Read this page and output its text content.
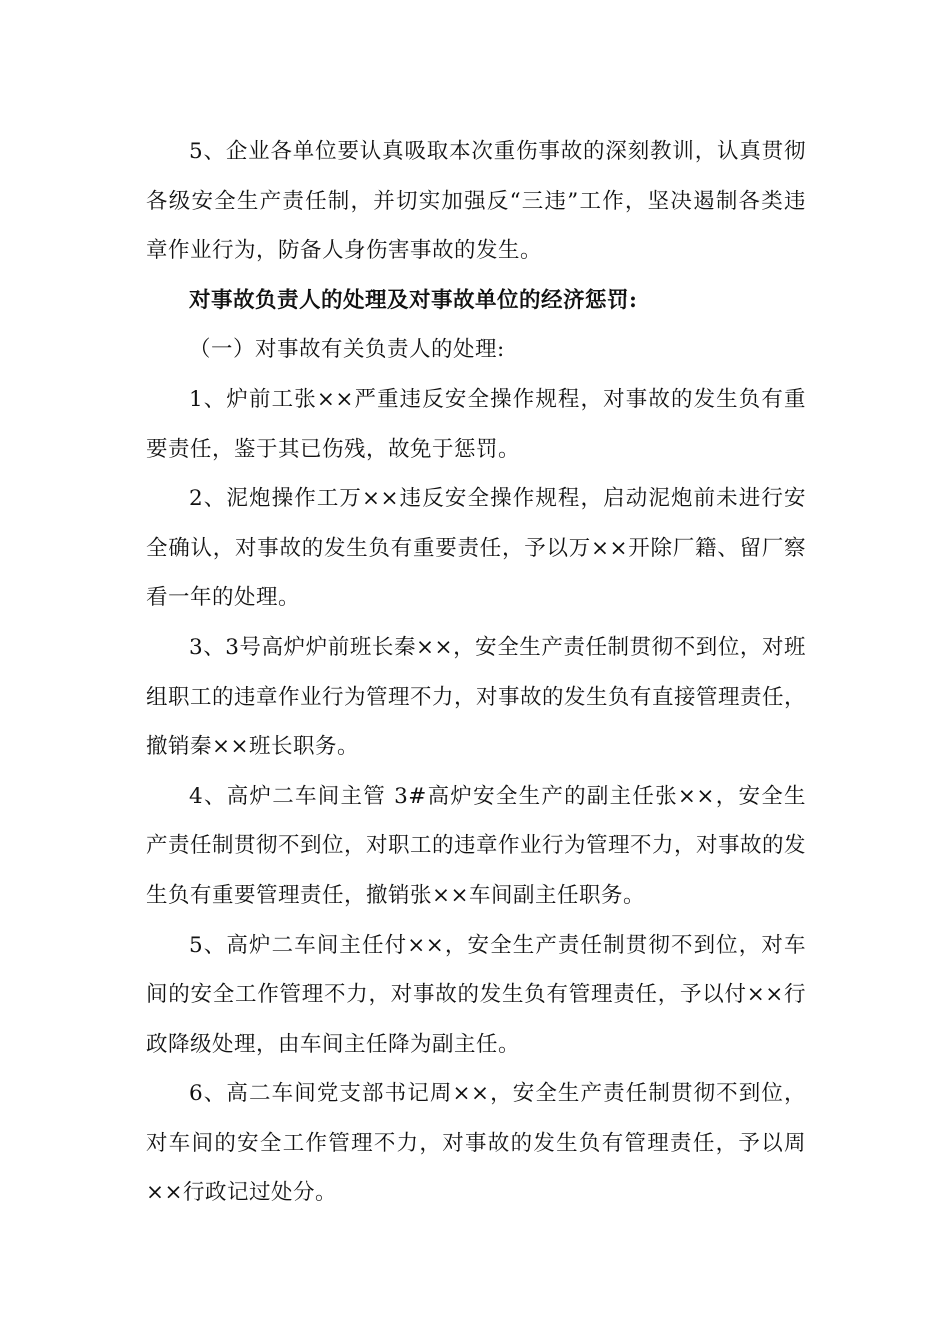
5、企业各单位要认真吸取本次重伤事故的深刻教训，认真贯彻各级安全生产责任制，并切实加强反“三违”工作，坚决遏制各类违章作业行为，防备人身伤害事故的发生。

对事故负责人的处理及对事故单位的经济惩罚:

（一）对事故有关负责人的处理:

1、炉前工张××严重违反安全操作规程，对事故的发生负有重要责任，鉴于其已伤残，故免于惩罚。

2、泥炮操作工万××违反安全操作规程，启动泥炮前未进行安全确认，对事故的发生负有重要责任，予以万××开除厂籍、留厂察看一年的处理。

3、3号高炉炉前班长秦××，安全生产责任制贯彻不到位，对班组职工的违章作业行为管理不力，对事故的发生负有直接管理责任，撤销秦××班长职务。

4、高炉二车间主管 3#高炉安全生产的副主任张××，安全生产责任制贯彻不到位，对职工的违章作业行为管理不力，对事故的发生负有重要管理责任，撤销张××车间副主任职务。

5、高炉二车间主任付××，安全生产责任制贯彻不到位，对车间的安全工作管理不力，对事故的发生负有管理责任，予以付××行政降级处理，由车间主任降为副主任。

6、高二车间党支部书记周××，安全生产责任制贯彻不到位，对车间的安全工作管理不力，对事故的发生负有管理责任，予以周××行政记过处分。
